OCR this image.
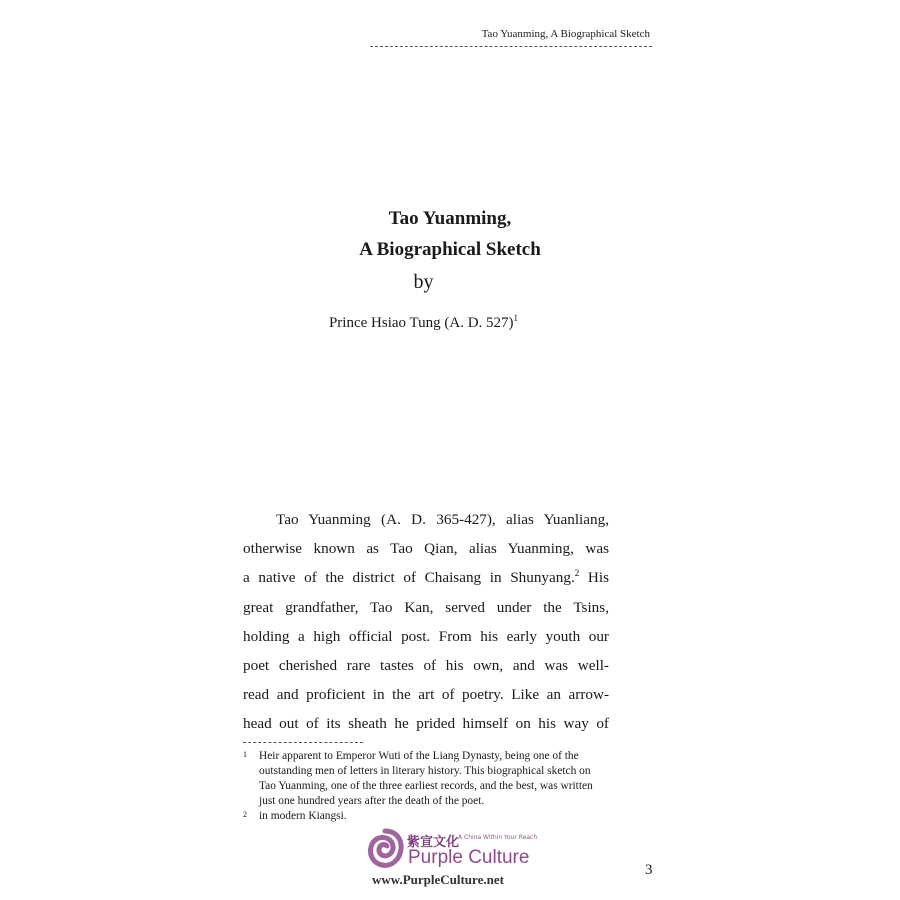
Tao Yuanming, A Biographical Sketch

Tao Yuanming,

A Biographical Sketch

by
Prince Hsiao Tung (A. D. 527)$^1$
Tao Yuanming (A. D. 365-427), alias Yuanliang,
otherwise known as Tao Qian, alias Yuanming, was
a native of the district of Chaisang in Shunyang.$^2$ His
great grandfather, Tao Kan, served under the Tsins,
holding a high official post. From his early youth our
poet cherished rare tastes of his own, and was well-
read and proficient in the art of poetry. Like an arrow-
head out of its sheath he prided himself on his way of
1	Heir apparent to Emperor Wuti of the Liang Dynasty, being one of the outstanding men of letters in literary history. This biographical sketch on Tao Yuanming, one of the three earliest records, and the best, was written just one hundred years after the death of the poet.
2	in modern Kiangsi.
紫宣文化
A China Within Your Reach
Purple Culture
www.PurpleCulture.net
3
